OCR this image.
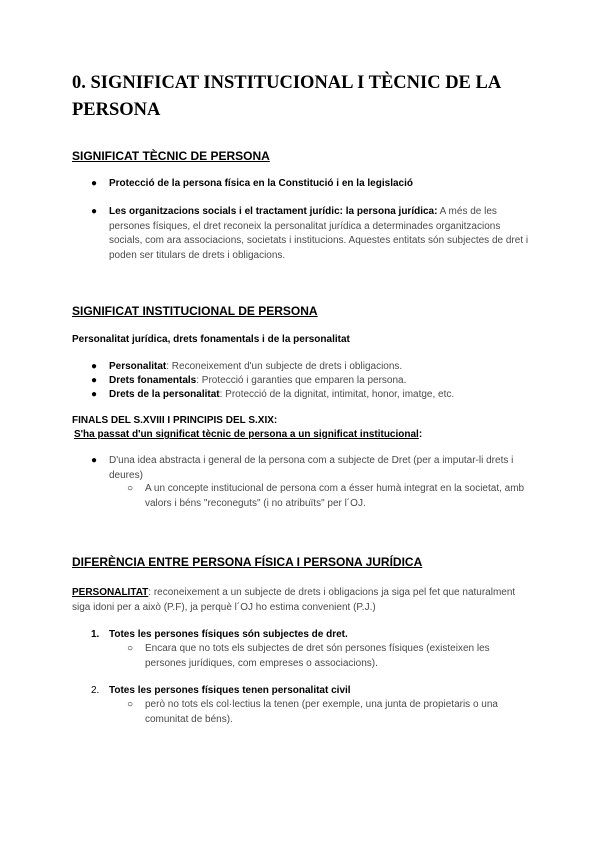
0. SIGNIFICAT INSTITUCIONAL I TÈCNIC DE LA PERSONA
SIGNIFICAT TÈCNIC DE PERSONA
● Protecció de la persona física en la Constitució i en la legislació

● Les organitzacions socials i el tractament jurídic: la persona jurídica: A més de les persones físiques, el dret reconeix la personalitat jurídica a determinades organitzacions socials, com ara associacions, societats i institucions. Aquestes entitats són subjectes de dret i poden ser titulars de drets i obligacions.

SIGNIFICAT INSTITUCIONAL DE PERSONA

Personalitat jurídica, drets fonamentals i de la personalitat

● Personalitat: Reconeixement d'un subjecte de drets i obligacions.

● Drets fonamentals: Protecció i garanties que emparen la persona.

● Drets de la personalitat: Protecció de la dignitat, intimitat, honor, imatge, etc.

FINALS DEL S.XVIII I PRINCIPIS DEL S.XIX:

S'ha passat d'un significat tècnic de persona a un significat institucional:

● D'una idea abstracta i general de la persona com a subjecte de Dret (per a imputar-li drets i deures)

○ A un concepte institucional de persona com a ésser humà integrat en la societat, amb valors i béns "reconeguts" (i no atribuïts" per l´OJ.

DIFERÈNCIA ENTRE PERSONA FÍSICA I PERSONA JURÍDICA

PERSONALITAT: reconeixement a un subjecte de drets i obligacions ja siga pel fet que naturalment siga idoni per a això (P.F), ja perquè l´OJ ho estima convenient (P.J.)

1. Totes les persones físiques són subjectes de dret.

○ Encara que no tots els subjectes de dret són persones físiques (existeixen les persones jurídiques, com empreses o associacions).

2. Totes les persones físiques tenen personalitat civil

○ però no tots els col·lectius la tenen (per exemple, una junta de propietaris o una comunitat de béns).
